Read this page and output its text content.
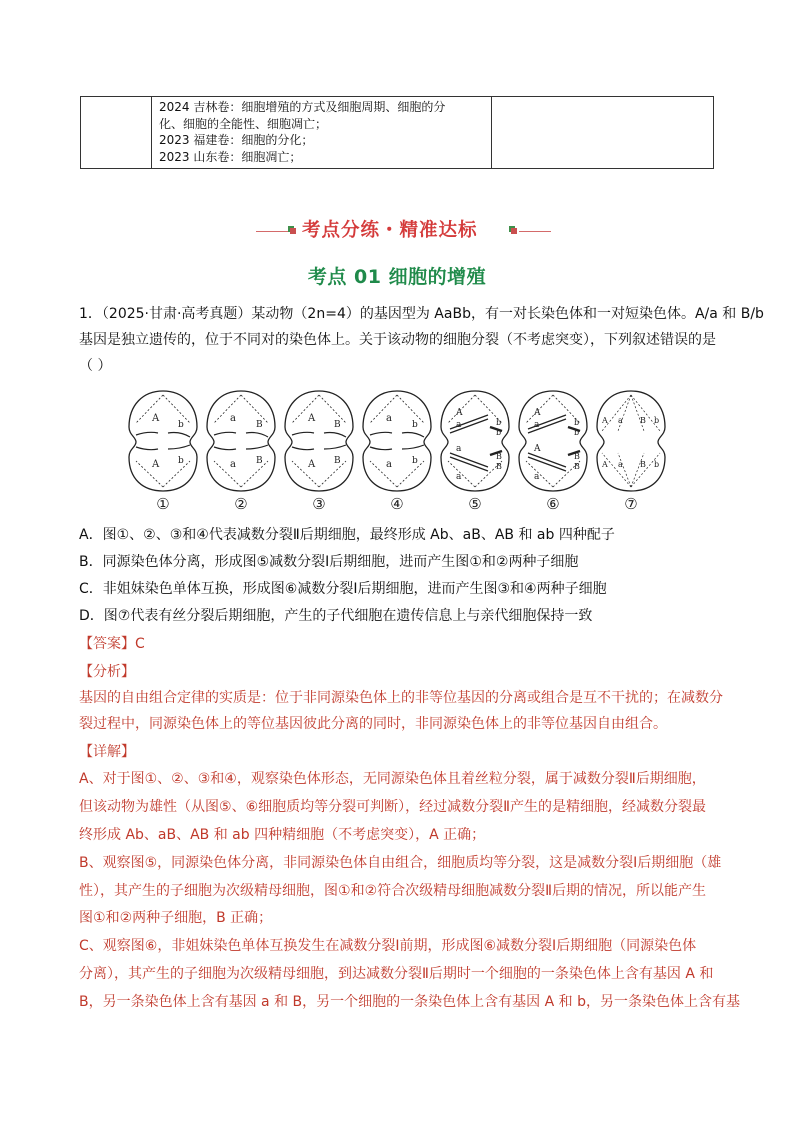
2024 吉林卷：细胞增殖的方式及细胞周期、细胞的分
化、细胞的全能性、细胞凋亡；
2023 福建卷：细胞的分化；
2023 山东卷：细胞凋亡；
考点分练・精准达标
考点 01 细胞的增殖
1．（2025·甘肃·高考真题）某动物（2n=4）的基因型为 AaBb，有一对长染色体和一对短染色体。A/a 和 B/b
基因是独立遗传的，位于不同对的染色体上。关于该动物的细胞分裂（不考虑突变），下列叙述错误的是
（ ）
A
b
A b
a
B
a B
A
B
A B
a
b
a b
A
b
a
b
a
B
a
B
A
b
a
b
A
B
a
B
A a B b
A a B b
①	②	③	④	⑤	⑥	⑦
A．图①、②、③和④代表减数分裂Ⅱ后期细胞，最终形成 Ab、aB、AB 和 ab 四种配子
B．同源染色体分离，形成图⑤减数分裂Ⅰ后期细胞，进而产生图①和②两种子细胞
C．非姐妹染色单体互换，形成图⑥减数分裂Ⅰ后期细胞，进而产生图③和④两种子细胞
D．图⑦代表有丝分裂后期细胞，产生的子代细胞在遗传信息上与亲代细胞保持一致
【答案】C
【分析】
基因的自由组合定律的实质是：位于非同源染色体上的非等位基因的分离或组合是互不干扰的；在减数分
裂过程中，同源染色体上的等位基因彼此分离的同时，非同源染色体上的非等位基因自由组合。
【详解】
A、对于图①、②、③和④，观察染色体形态，无同源染色体且着丝粒分裂，属于减数分裂Ⅱ后期细胞，
但该动物为雄性（从图⑤、⑥细胞质均等分裂可判断），经过减数分裂Ⅱ产生的是精细胞，经减数分裂最
终形成 Ab、aB、AB 和 ab 四种精细胞（不考虑突变），A 正确；
B、观察图⑤，同源染色体分离，非同源染色体自由组合，细胞质均等分裂，这是减数分裂Ⅰ后期细胞（雄
性），其产生的子细胞为次级精母细胞，图①和②符合次级精母细胞减数分裂Ⅱ后期的情况，所以能产生
图①和②两种子细胞，B 正确；
C、观察图⑥，非姐妹染色单体互换发生在减数分裂Ⅰ前期，形成图⑥减数分裂Ⅰ后期细胞（同源染色体
分离），其产生的子细胞为次级精母细胞，到达减数分裂Ⅱ后期时一个细胞的一条染色体上含有基因 A 和
B，另一条染色体上含有基因 a 和 B，另一个细胞的一条染色体上含有基因 A 和 b，另一条染色体上含有基
